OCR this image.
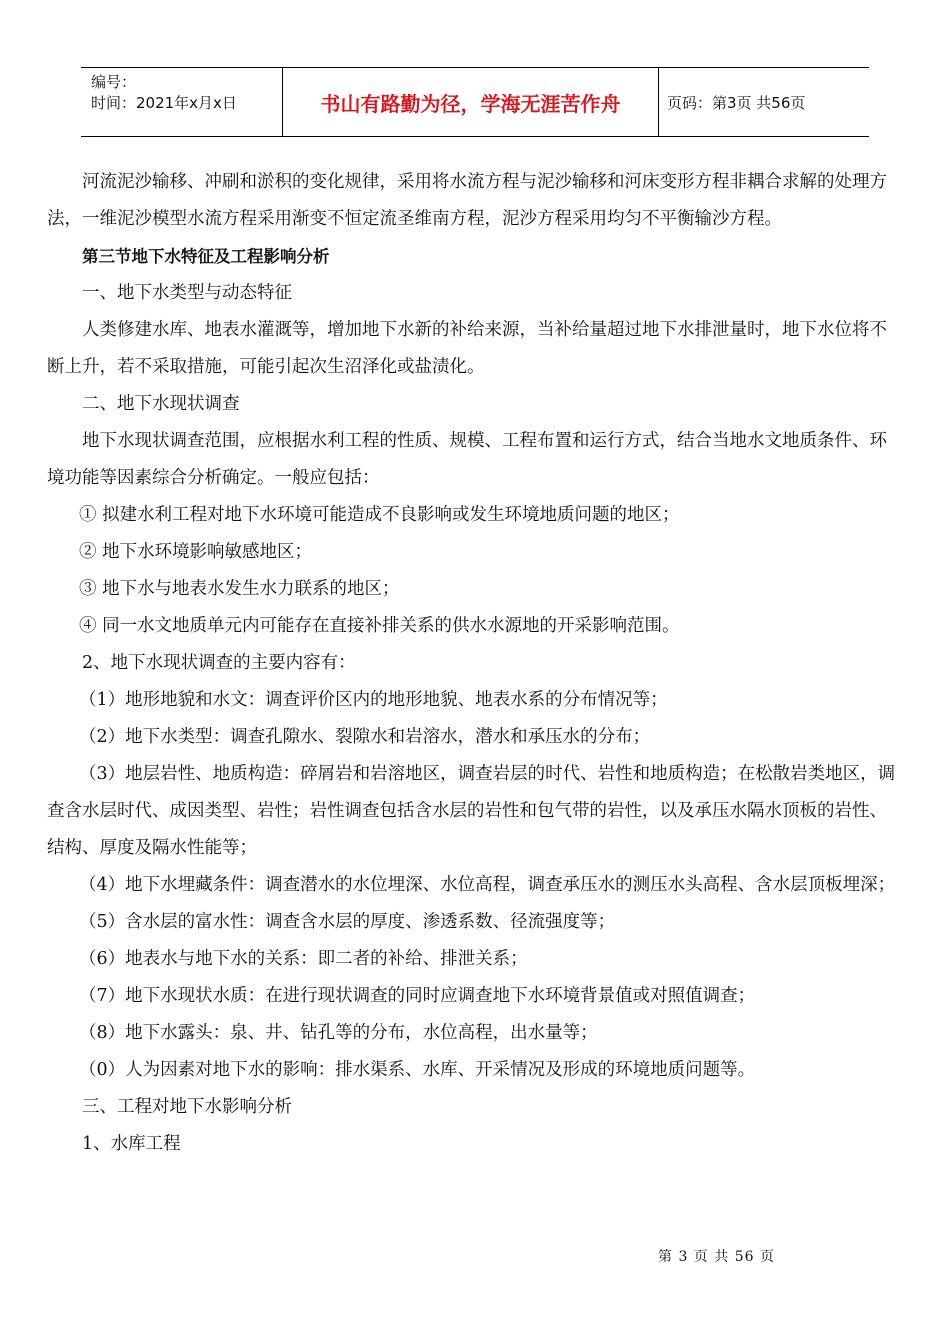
编号：
时间：2021年x月x日	书山有路勤为径，学海无涯苦作舟	页码：第3页 共56页

河流泥沙输移、冲刷和淤积的变化规律，采用将水流方程与泥沙输移和河床变形方程非耦合求解的处理方法，一维泥沙模型水流方程采用渐变不恒定流圣维南方程，泥沙方程采用均匀不平衡输沙方程。

第三节地下水特征及工程影响分析

一、地下水类型与动态特征

人类修建水库、地表水灌溉等，增加地下水新的补给来源，当补给量超过地下水排泄量时，地下水位将不断上升，若不采取措施，可能引起次生沼泽化或盐渍化。

二、地下水现状调查

地下水现状调查范围，应根据水利工程的性质、规模、工程布置和运行方式，结合当地水文地质条件、环境功能等因素综合分析确定。一般应包括：

① 拟建水利工程对地下水环境可能造成不良影响或发生环境地质问题的地区；

② 地下水环境影响敏感地区；

③ 地下水与地表水发生水力联系的地区；

④ 同一水文地质单元内可能存在直接补排关系的供水水源地的开采影响范围。

2、地下水现状调查的主要内容有：

（1）地形地貌和水文：调查评价区内的地形地貌、地表水系的分布情况等；

（2）地下水类型：调查孔隙水、裂隙水和岩溶水，潜水和承压水的分布；

（3）地层岩性、地质构造：碎屑岩和岩溶地区，调查岩层的时代、岩性和地质构造；在松散岩类地区，调查含水层时代、成因类型、岩性；岩性调查包括含水层的岩性和包气带的岩性，以及承压水隔水顶板的岩性、结构、厚度及隔水性能等；

（4）地下水埋藏条件：调查潜水的水位埋深、水位高程，调查承压水的测压水头高程、含水层顶板埋深；

（5）含水层的富水性：调查含水层的厚度、渗透系数、径流强度等；

（6）地表水与地下水的关系：即二者的补给、排泄关系；

（7）地下水现状水质：在进行现状调查的同时应调查地下水环境背景值或对照值调查；

（8）地下水露头：泉、井、钻孔等的分布，水位高程，出水量等；

（0）人为因素对地下水的影响：排水渠系、水库、开采情况及形成的环境地质问题等。

三、工程对地下水影响分析

1、水库工程

第 3 页 共 56 页
